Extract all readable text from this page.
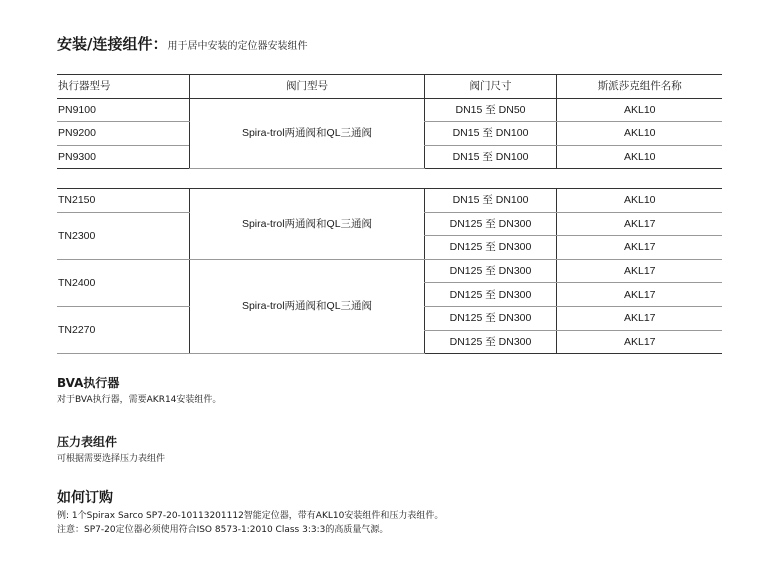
安装/连接组件：用于居中安装的定位器安装组件
执行器型号	阀门型号	阀门尺寸	斯派莎克组件名称
PN9100	Spira-trol两通阀和QL三通阀	DN15 至 DN50	AKL10
PN9200		DN15 至 DN100	AKL10
PN9300		DN15 至 DN100	AKL10
TN2150	Spira-trol两通阀和QL三通阀	DN15 至 DN100	AKL10
TN2300		DN125 至 DN300	AKL17
		DN125 至 DN300	AKL17
TN2400	Spira-trol两通阀和QL三通阀	DN125 至 DN300	AKL17
		DN125 至 DN300	AKL17
TN2270		DN125 至 DN300	AKL17
		DN125 至 DN300	AKL17
BVA执行器
对于BVA执行器，需要AKR14安装组件。
压力表组件
可根据需要选择压力表组件
如何订购
例: 1个Spirax Sarco SP7-20-10113201112智能定位器，带有AKL10安装组件和压力表组件。
注意：SP7-20定位器必须使用符合ISO 8573-1:2010 Class 3:3:3的高质量气源。
